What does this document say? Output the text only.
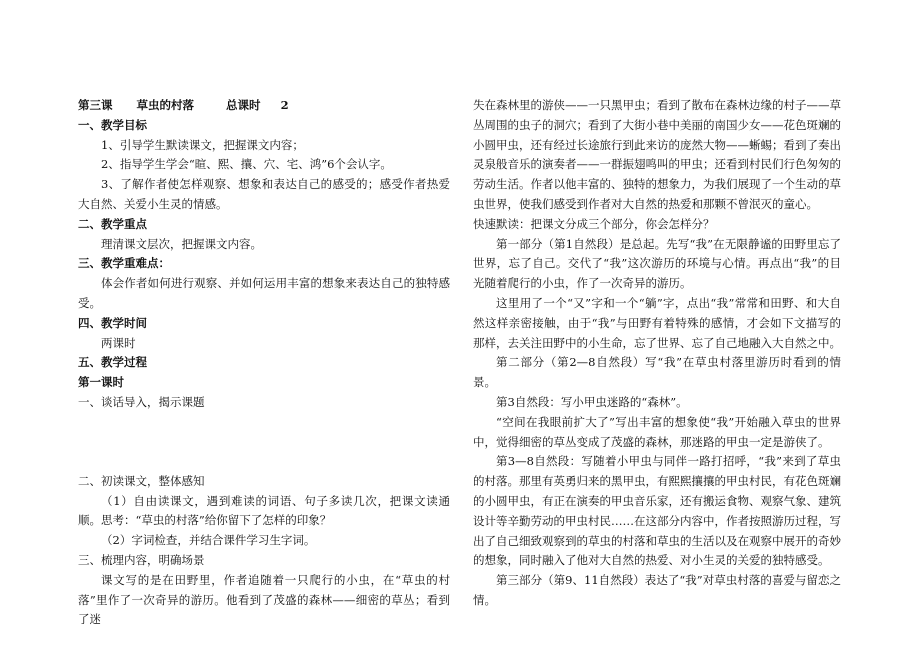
第三课      草虫的村落        总课时     2

一、教学目标

1、引导学生默读课文，把握课文内容；

2、指导学生学会“暄、熙、攘、穴、宅、鸿”6个会认字。

3、了解作者使怎样观察、想象和表达自己的感受的；感受作者热爱大自然、关爱小生灵的情感。

二、教学重点

理清课文层次，把握课文内容。

三、教学重难点：

体会作者如何进行观察、并如何运用丰富的想象来表达自己的独特感受。

四、教学时间

两课时

五、教学过程

第一课时

一、谈话导入，揭示课题

二、初读课文，整体感知

（1）自由读课文，遇到难读的词语、句子多读几次，把课文读通顺。思考：“草虫的村落”给你留下了怎样的印象？

（2）字词检查，并结合课件学习生字词。

三、梳理内容，明确场景

课文写的是在田野里，作者追随着一只爬行的小虫，在“草虫的村落”里作了一次奇异的游历。他看到了茂盛的森林——细密的草丛；看到了迷

失在森林里的游侠——一只黑甲虫；看到了散布在森林边缘的村子——草丛周围的虫子的洞穴；看到了大街小巷中美丽的南国少女——花色斑斓的小圆甲虫，还有经过长途旅行到此来访的庞然大物——蜥蜴；看到了奏出灵泉般音乐的演奏者——一群振翅鸣叫的甲虫；还看到村民们行色匆匆的劳动生活。作者以他丰富的、独特的想象力，为我们展现了一个生动的草虫世界，使我们感受到作者对大自然的热爱和那颗不曾泯灭的童心。

快速默读：把课文分成三个部分，你会怎样分？

第一部分（第1自然段）是总起。先写“我”在无限静谧的田野里忘了世界，忘了自己。交代了“我”这次游历的环境与心情。再点出“我”的目光随着爬行的小虫，作了一次奇异的游历。

这里用了一个“又”字和一个“躺”字，点出“我”常常和田野、和大自然这样亲密接触，由于“我”与田野有着特殊的感情，才会如下文描写的那样，去关注田野中的小生命，忘了世界、忘了自己地融入大自然之中。

第二部分（第2—8自然段）写“我”在草虫村落里游历时看到的情景。

第3自然段：写小甲虫迷路的“森林”。

“空间在我眼前扩大了”写出丰富的想象使“我”开始融入草虫的世界中，觉得细密的草丛变成了茂盛的森林，那迷路的甲虫一定是游侠了。

第3—8自然段：写随着小甲虫与同伴一路打招呼，“我”来到了草虫的村落。那里有英勇归来的黑甲虫，有熙熙攘攘的甲虫村民，有花色斑斓的小圆甲虫，有正在演奏的甲虫音乐家，还有搬运食物、观察气象、建筑设计等辛勤劳动的甲虫村民……在这部分内容中，作者按照游历过程，写出了自己细致观察到的草虫的村落和草虫的生活以及在观察中展开的奇妙的想象，同时融入了他对大自然的热爱、对小生灵的关爱的独特感受。

第三部分（第9、11自然段）表达了“我”对草虫村落的喜爱与留恋之情。
